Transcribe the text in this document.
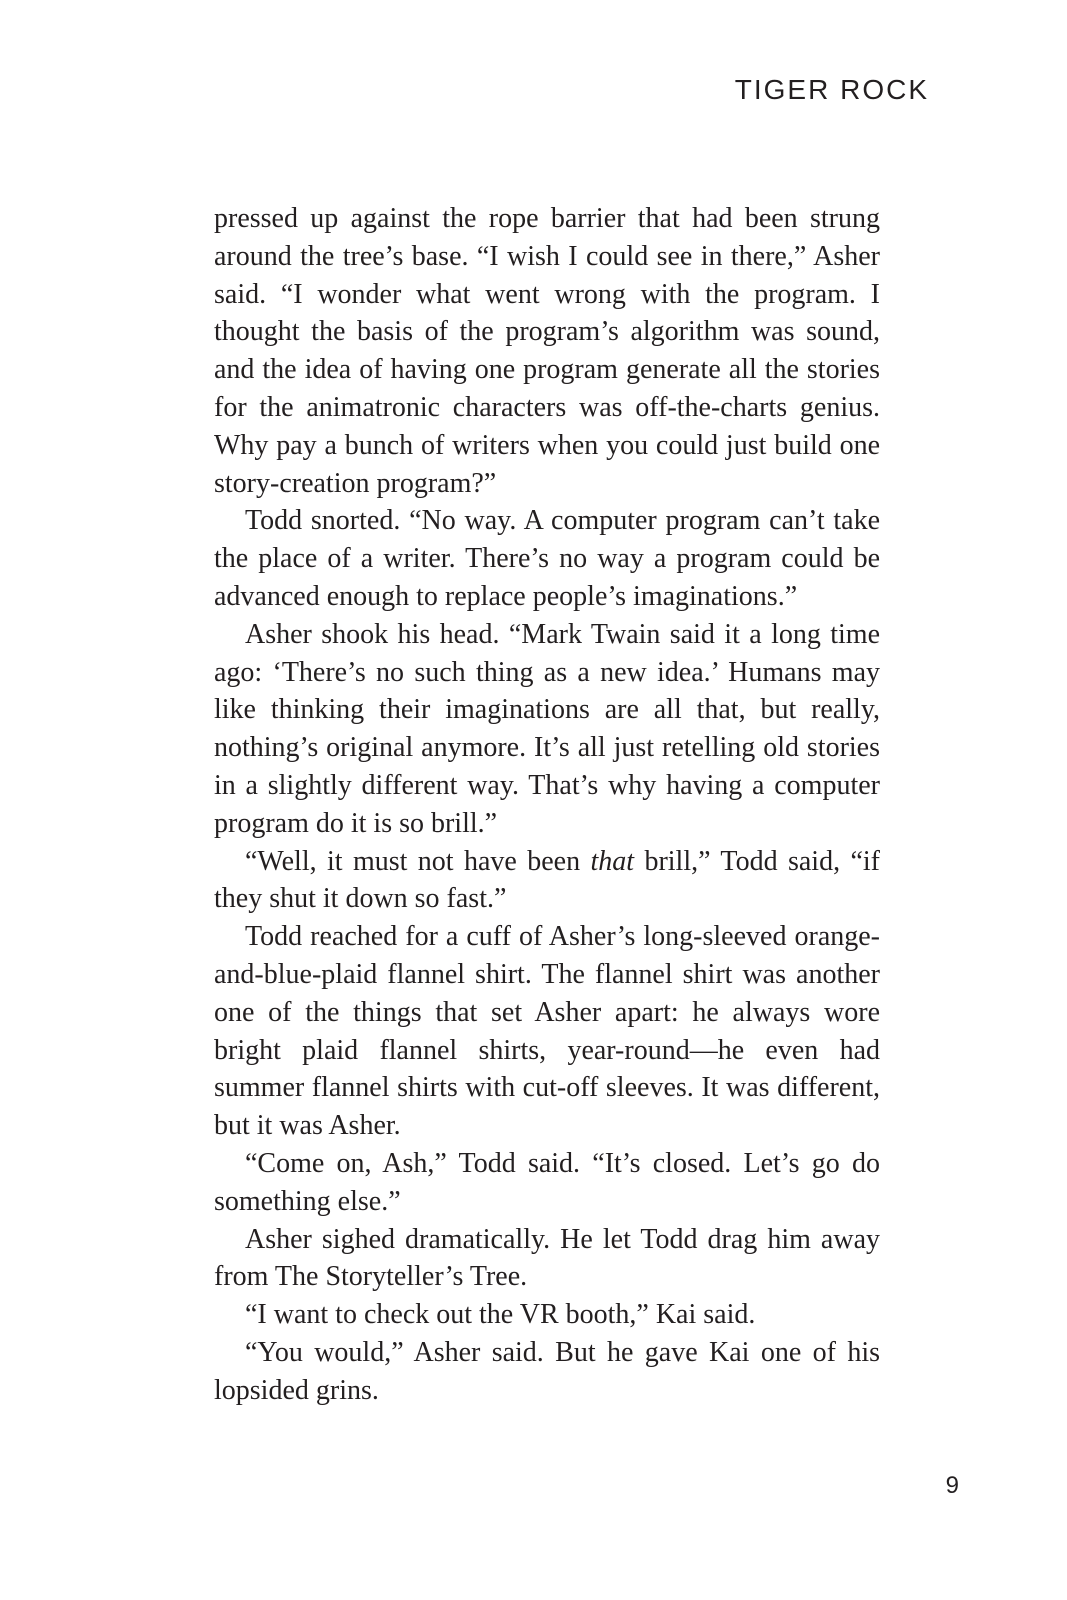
TIGER ROCK

pressed up against the rope barrier that had been strung around the tree’s base. “I wish I could see in there,” Asher said. “I wonder what went wrong with the program. I thought the basis of the program’s algorithm was sound, and the idea of having one program generate all the stories for the animatronic characters was off-the-charts genius. Why pay a bunch of writers when you could just build one story-creation program?”

Todd snorted. “No way. A computer program can’t take the place of a writer. There’s no way a program could be advanced enough to replace people’s imaginations.”

Asher shook his head. “Mark Twain said it a long time ago: ‘There’s no such thing as a new idea.’ Humans may like thinking their imaginations are all that, but really, nothing’s original anymore. It’s all just retelling old stories in a slightly different way. That’s why having a computer program do it is so brill.”

“Well, it must not have been that brill,” Todd said, “if they shut it down so fast.”

Todd reached for a cuff of Asher’s long-sleeved orange-and-blue-plaid flannel shirt. The flannel shirt was another one of the things that set Asher apart: he always wore bright plaid flannel shirts, year-round—he even had summer flannel shirts with cut-off sleeves. It was different, but it was Asher.

“Come on, Ash,” Todd said. “It’s closed. Let’s go do something else.”

Asher sighed dramatically. He let Todd drag him away from The Storyteller’s Tree.

“I want to check out the VR booth,” Kai said.

“You would,” Asher said. But he gave Kai one of his lopsided grins.

9
